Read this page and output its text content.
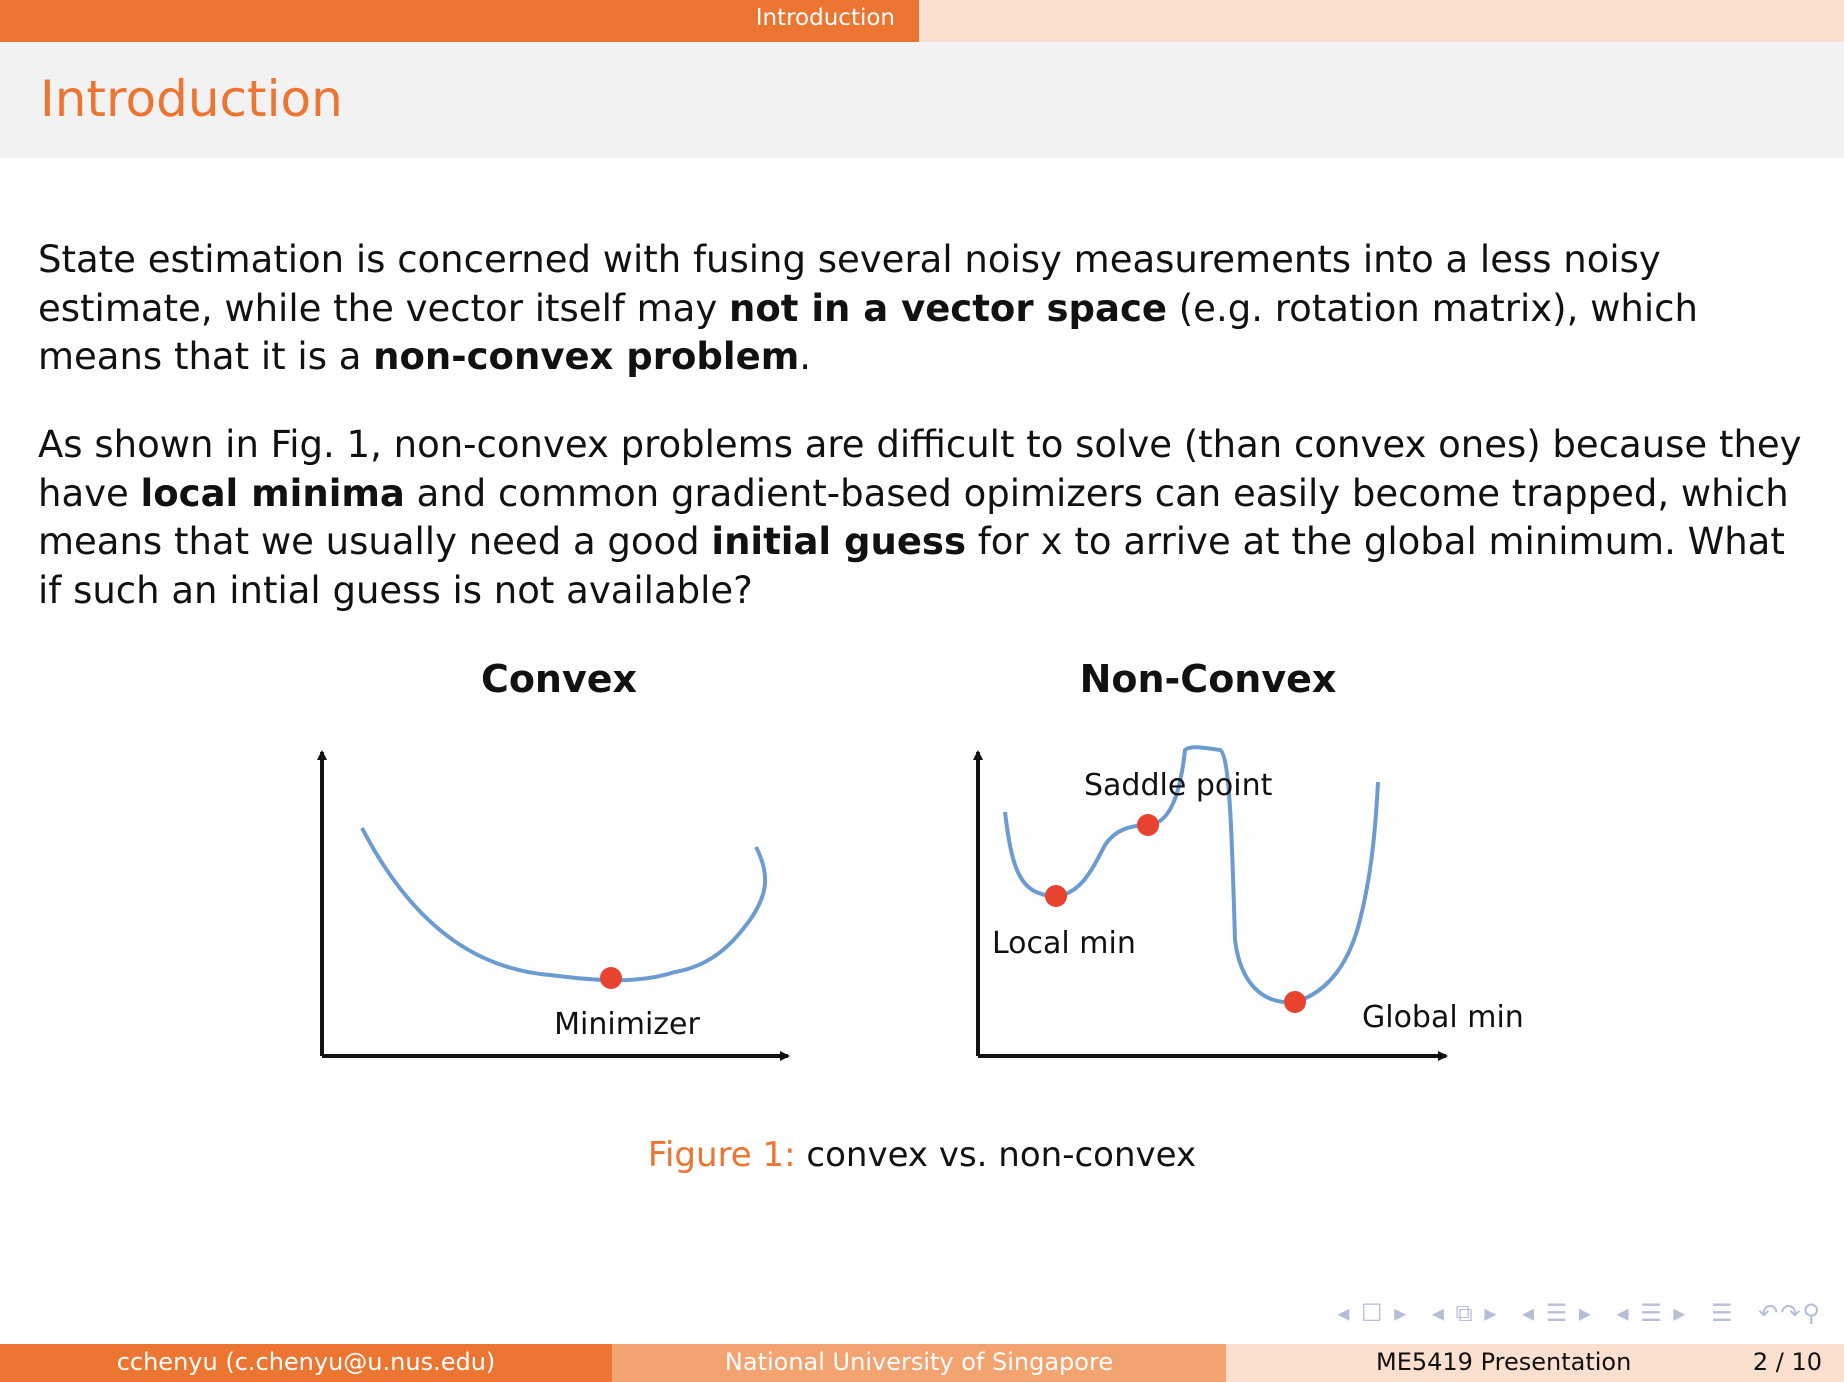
Introduction
Introduction

State estimation is concerned with fusing several noisy measurements into a less noisy estimate, while the vector itself may not in a vector space (e.g. rotation matrix), which means that it is a non-convex problem.

As shown in Fig. 1, non-convex problems are difficult to solve (than convex ones) because they have local minima and common gradient-based opimizers can easily become trapped, which means that we usually need a good initial guess for x to arrive at the global minimum. What if such an intial guess is not available?

Convex
Minimizer
Non-Convex
Saddle point
Local min
Global min
Figure 1: convex vs. non-convex
◂ ☐ ▸ ◂ ⧉ ▸ ◂ ☰ ▸ ◂ ☰ ▸ ☰ ↶↷⚲
cchenyu (c.chenyu@u.nus.edu)	National University of Singapore	ME5419 Presentation	2 / 10
